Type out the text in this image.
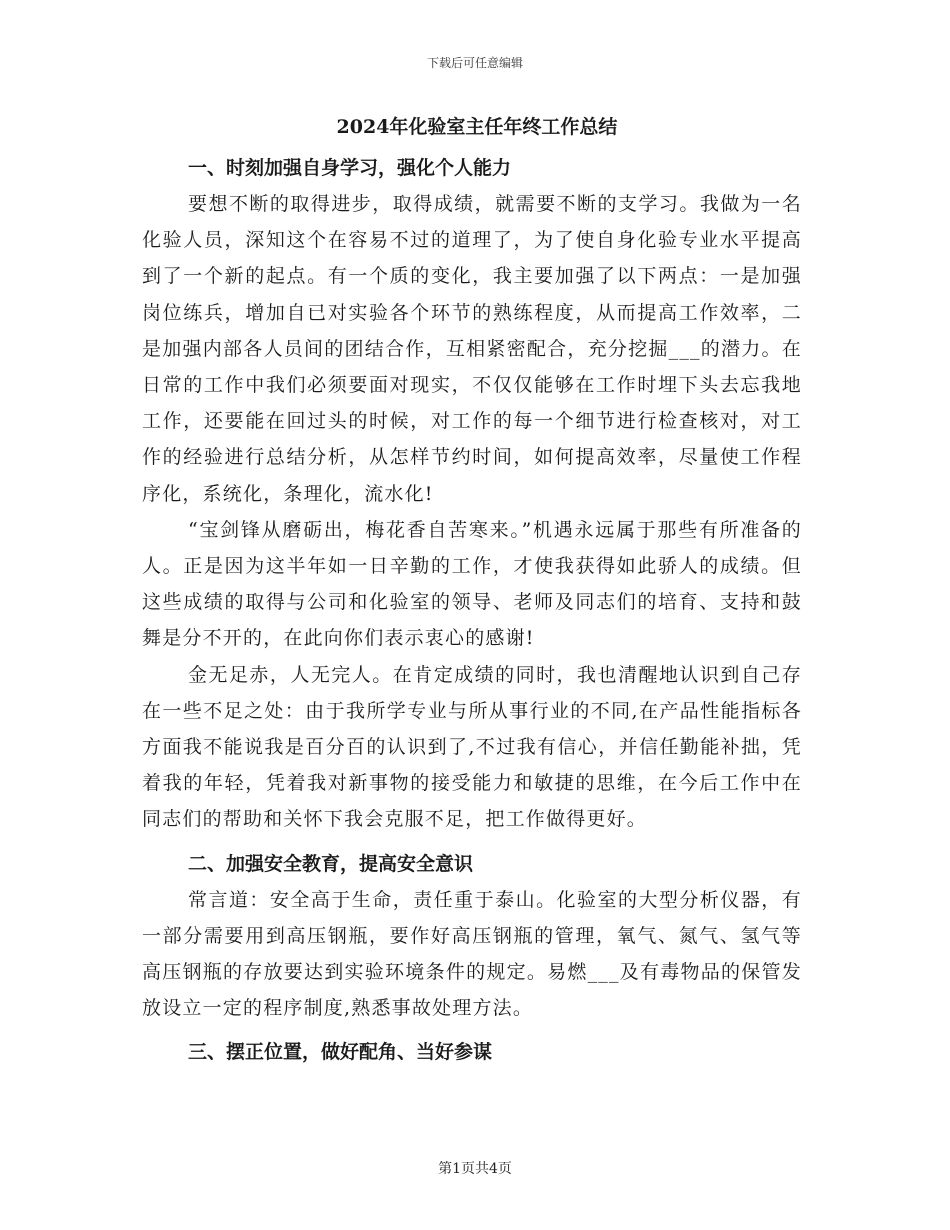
下载后可任意编辑
2024年化验室主任年终工作总结

一、时刻加强自身学习，强化个人能力

要想不断的取得进步，取得成绩，就需要不断的支学习。我做为一名化验人员，深知这个在容易不过的道理了，为了使自身化验专业水平提高到了一个新的起点。有一个质的变化，我主要加强了以下两点：一是加强岗位练兵，增加自已对实验各个环节的熟练程度，从而提高工作效率，二是加强内部各人员间的团结合作，互相紧密配合，充分挖掘___的潜力。在日常的工作中我们必须要面对现实，不仅仅能够在工作时埋下头去忘我地工作，还要能在回过头的时候，对工作的每一个细节进行检查核对，对工作的经验进行总结分析，从怎样节约时间，如何提高效率，尽量使工作程序化，系统化，条理化，流水化!

“宝剑锋从磨砺出，梅花香自苦寒来。”机遇永远属于那些有所准备的人。正是因为这半年如一日辛勤的工作，才使我获得如此骄人的成绩。但这些成绩的取得与公司和化验室的领导、老师及同志们的培育、支持和鼓舞是分不开的，在此向你们表示衷心的感谢!

金无足赤，人无完人。在肯定成绩的同时，我也清醒地认识到自己存在一些不足之处：由于我所学专业与所从事行业的不同,在产品性能指标各方面我不能说我是百分百的认识到了,不过我有信心，并信任勤能补拙，凭着我的年轻，凭着我对新事物的接受能力和敏捷的思维，在今后工作中在同志们的帮助和关怀下我会克服不足，把工作做得更好。

二、加强安全教育，提高安全意识

常言道：安全高于生命，责任重于泰山。化验室的大型分析仪器，有一部分需要用到高压钢瓶，要作好高压钢瓶的管理，氧气、氮气、氢气等高压钢瓶的存放要达到实验环境条件的规定。易燃___及有毒物品的保管发放设立一定的程序制度,熟悉事故处理方法。

三、摆正位置，做好配角、当好参谋

第1页共4页
